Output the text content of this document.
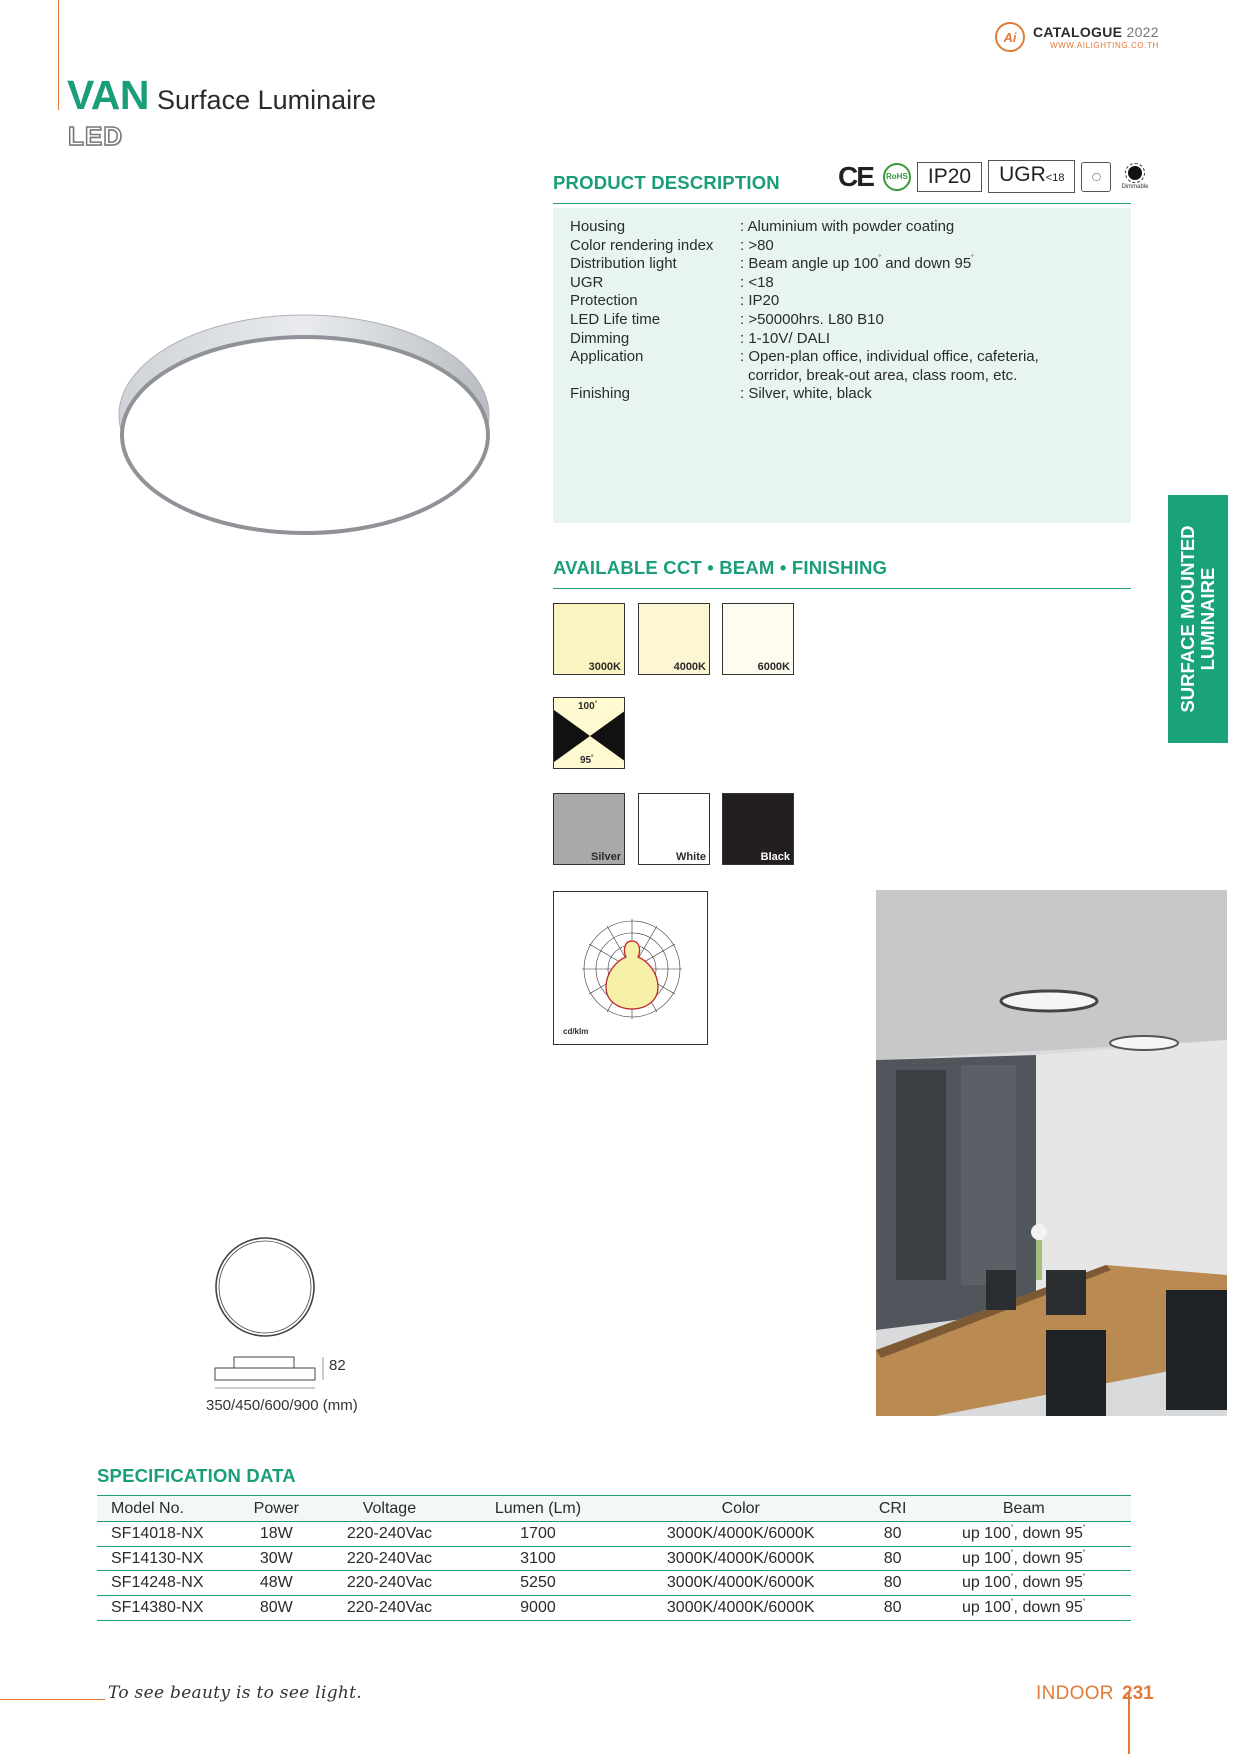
Ai	CATALOGUE 2022
WWW.AILIGHTING.CO.TH
VAN Surface Luminaire
LED
PRODUCT DESCRIPTION CE	RoHS IP20	UGR<18	◯
Dimmable
Housing	: Aluminium with powder coating
Color rendering index	: >80
Distribution light	: Beam angle up 100˚ and down 95˚
UGR	: <18
Protection	: IP20
LED Life time	: >50000hrs. L80 B10
Dimming	: 1-10V/ DALI
Application	: Open-plan office, individual office, cafeteria,
corridor, break-out area, class room, etc.
Finishing	: Silver, white, black
AVAILABLE CCT • BEAM • FINISHING
3000K	4000K	6000K
100˚
95˚
Silver	White	Black
cd/klm
SURFACE MOUNTED
LUMINAIRE
82
350/450/600/900 (mm)
SPECIFICATION DATA
Model No.	Power	Voltage	Lumen (Lm)	Color	CRI	Beam
SF14018-NX	18W	220-240Vac	1700	3000K/4000K/6000K	80	up 100˚, down 95˚
SF14130-NX	30W	220-240Vac	3100	3000K/4000K/6000K	80	up 100˚, down 95˚
SF14248-NX	48W	220-240Vac	5250	3000K/4000K/6000K	80	up 100˚, down 95˚
SF14380-NX	80W	220-240Vac	9000	3000K/4000K/6000K	80	up 100˚, down 95˚
To see beauty is to see light.	INDOOR 231
